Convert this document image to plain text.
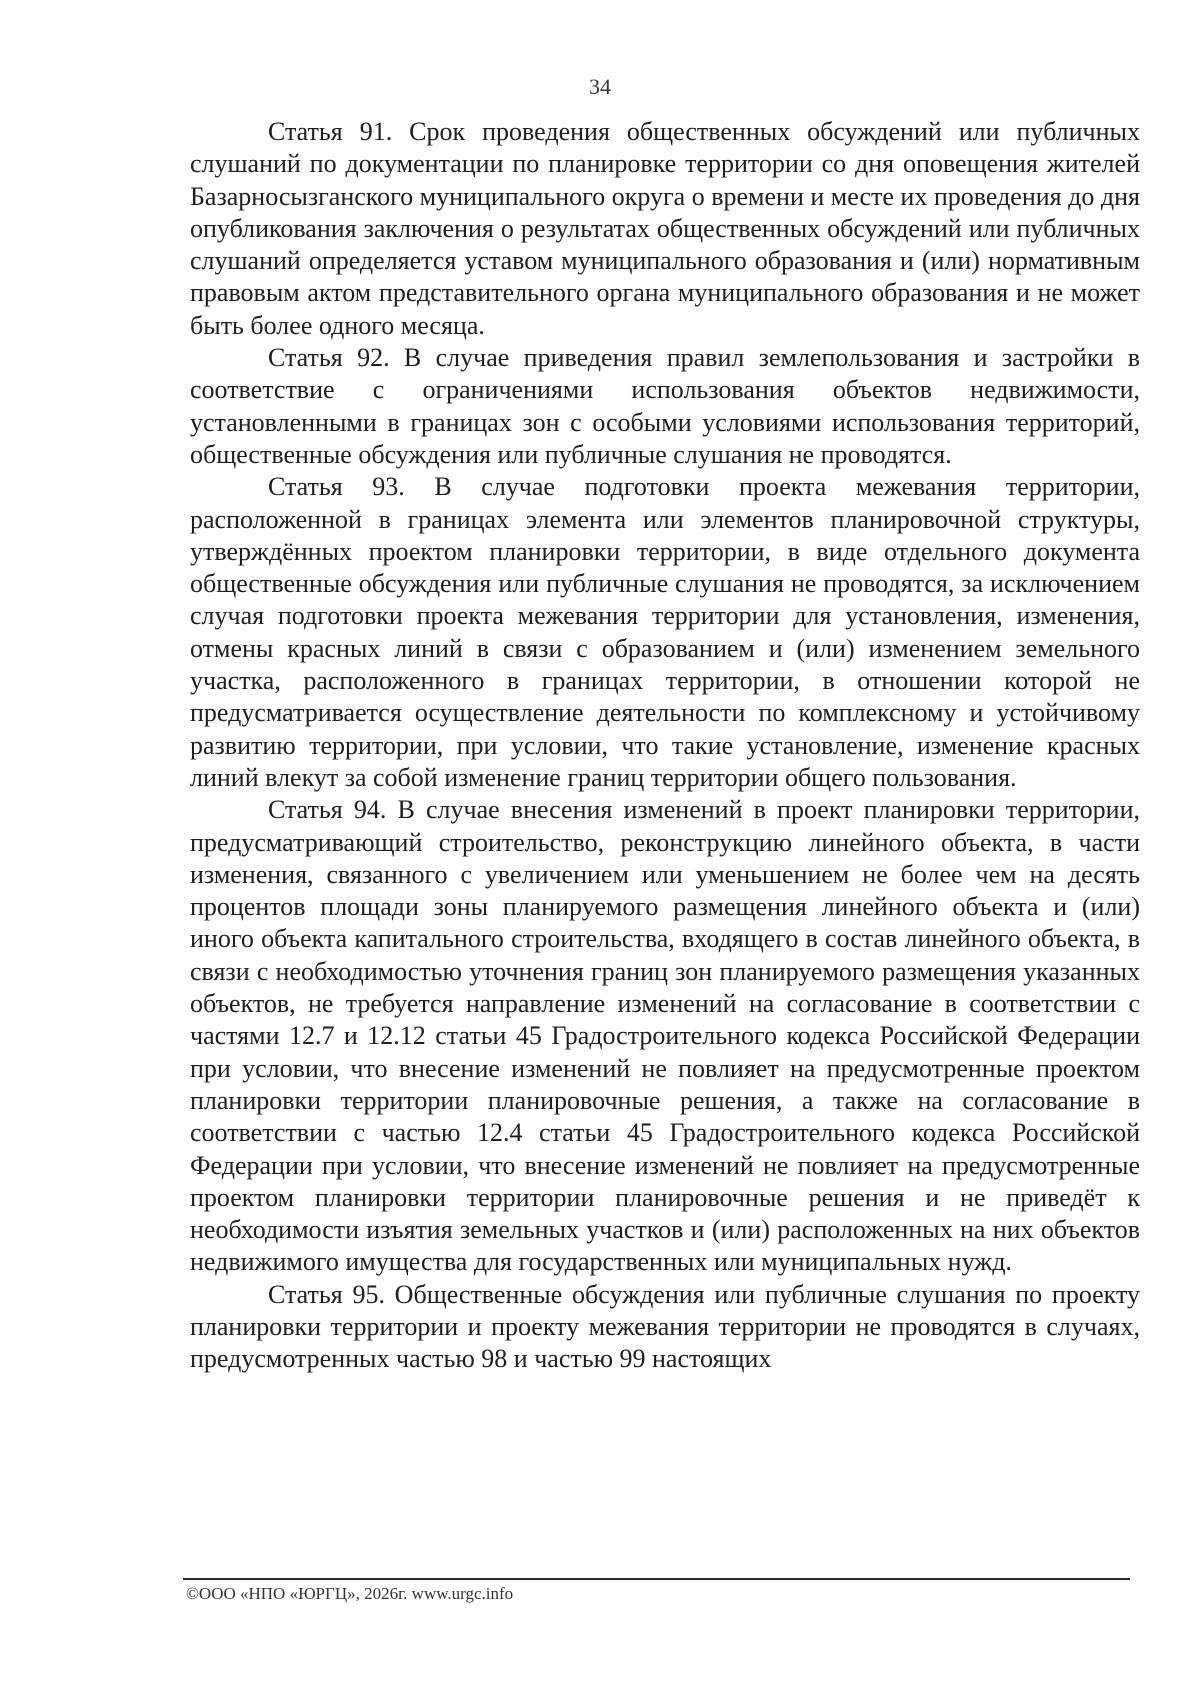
34

Статья 91. Срок проведения общественных обсуждений или публичных слушаний по документации по планировке территории со дня оповещения жителей Базарносызганского муниципального округа о времени и месте их проведения до дня опубликования заключения о результатах общественных обсуждений или публичных слушаний определяется уставом муниципального образования и (или) нормативным правовым актом представительного органа муниципального образования и не может быть более одного месяца.

Статья 92. В случае приведения правил землепользования и застройки в соответствие с ограничениями использования объектов недвижимости, установленными в границах зон с особыми условиями использования территорий, общественные обсуждения или публичные слушания не проводятся.

Статья 93. В случае подготовки проекта межевания территории, расположенной в границах элемента или элементов планировочной структуры, утверждённых проектом планировки территории, в виде отдельного документа общественные обсуждения или публичные слушания не проводятся, за исключением случая подготовки проекта межевания территории для установления, изменения, отмены красных линий в связи с образованием и (или) изменением земельного участка, расположенного в границах территории, в отношении которой не предусматривается осуществление деятельности по комплексному и устойчивому развитию территории, при условии, что такие установление, изменение красных линий влекут за собой изменение границ территории общего пользования.

Статья 94. В случае внесения изменений в проект планировки территории, предусматривающий строительство, реконструкцию линейного объекта, в части изменения, связанного с увеличением или уменьшением не более чем на десять процентов площади зоны планируемого размещения линейного объекта и (или) иного объекта капитального строительства, входящего в состав линейного объекта, в связи с необходимостью уточнения границ зон планируемого размещения указанных объектов, не требуется направление изменений на согласование в соответствии с частями 12.7 и 12.12 статьи 45 Градостроительного кодекса Российской Федерации при условии, что внесение изменений не повлияет на предусмотренные проектом планировки территории планировочные решения, а также на согласование в соответствии с частью 12.4 статьи 45 Градостроительного кодекса Российской Федерации при условии, что внесение изменений не повлияет на предусмотренные проектом планировки территории планировочные решения и не приведёт к необходимости изъятия земельных участков и (или) расположенных на них объектов недвижимого имущества для государственных или муниципальных нужд.

Статья 95. Общественные обсуждения или публичные слушания по проекту планировки территории и проекту межевания территории не проводятся в случаях, предусмотренных частью 98 и частью 99 настоящих

©ООО «НПО «ЮРГЦ», 2026г. www.urgc.info
